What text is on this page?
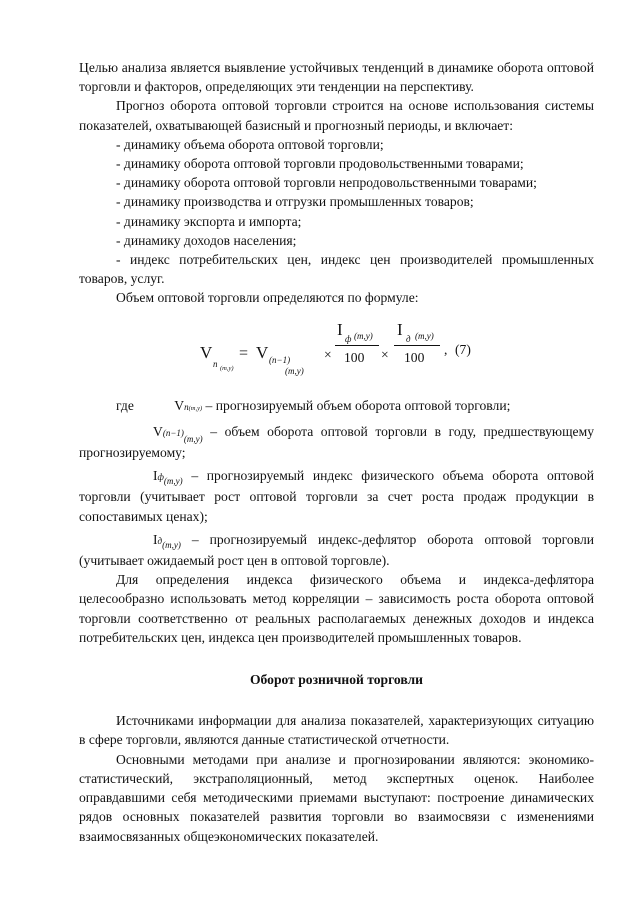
Целью анализа является выявление устойчивых тенденций в динамике оборота оптовой торговли и факторов, определяющих эти тенденции на перспективу.

Прогноз оборота оптовой торговли строится на основе использования системы показателей, охватывающей базисный и прогнозный периоды, и включает:

- динамику объема оборота оптовой торговли;

- динамику оборота оптовой торговли продовольственными товарами;

- динамику оборота оптовой торговли непродовольственными товарами;

- динамику производства и отгрузки промышленных товаров;

- динамику экспорта и импорта;

- динамику доходов населения;

- индекс потребительских цен, индекс цен производителей промышленных товаров, услуг.

Объем оптовой торговли определяются по формуле:

V
n (m,y)
= V (n−1)
(m,y)
×
I ф (m,y)
100 ×
I д (m,y)
100
, (7)

где	Vn(m,y) – прогнозируемый объем оборота оптовой торговли;

$V(n-1)_{(m,y)}$ – объем оборота оптовой торговли в году, предшествующему прогнозируемому;

$Iф_{(m,y)}$ – прогнозируемый индекс физического объема оборота оптовой торговли (учитывает рост оптовой торговли за счет роста продаж продукции в сопоставимых ценах);

$Iд_{(m,y)}$ – прогнозируемый индекс-дефлятор оборота оптовой торговли (учитывает ожидаемый рост цен в оптовой торговле).

Для определения индекса физического объема и индекса-дефлятора целесообразно использовать метод корреляции – зависимость роста оборота оптовой торговли соответственно от реальных располагаемых денежных доходов и индекса потребительских цен, индекса цен производителей промышленных товаров.

Оборот розничной торговли

Источниками информации для анализа показателей, характеризующих ситуацию в сфере торговли, являются данные статистической отчетности.

Основными методами при анализе и прогнозировании являются: экономико-статистический, экстраполяционный, метод экспертных оценок. Наиболее оправдавшими себя методическими приемами выступают: построение динамических рядов основных показателей развития торговли во взаимосвязи с изменениями взаимосвязанных общеэкономических показателей.
